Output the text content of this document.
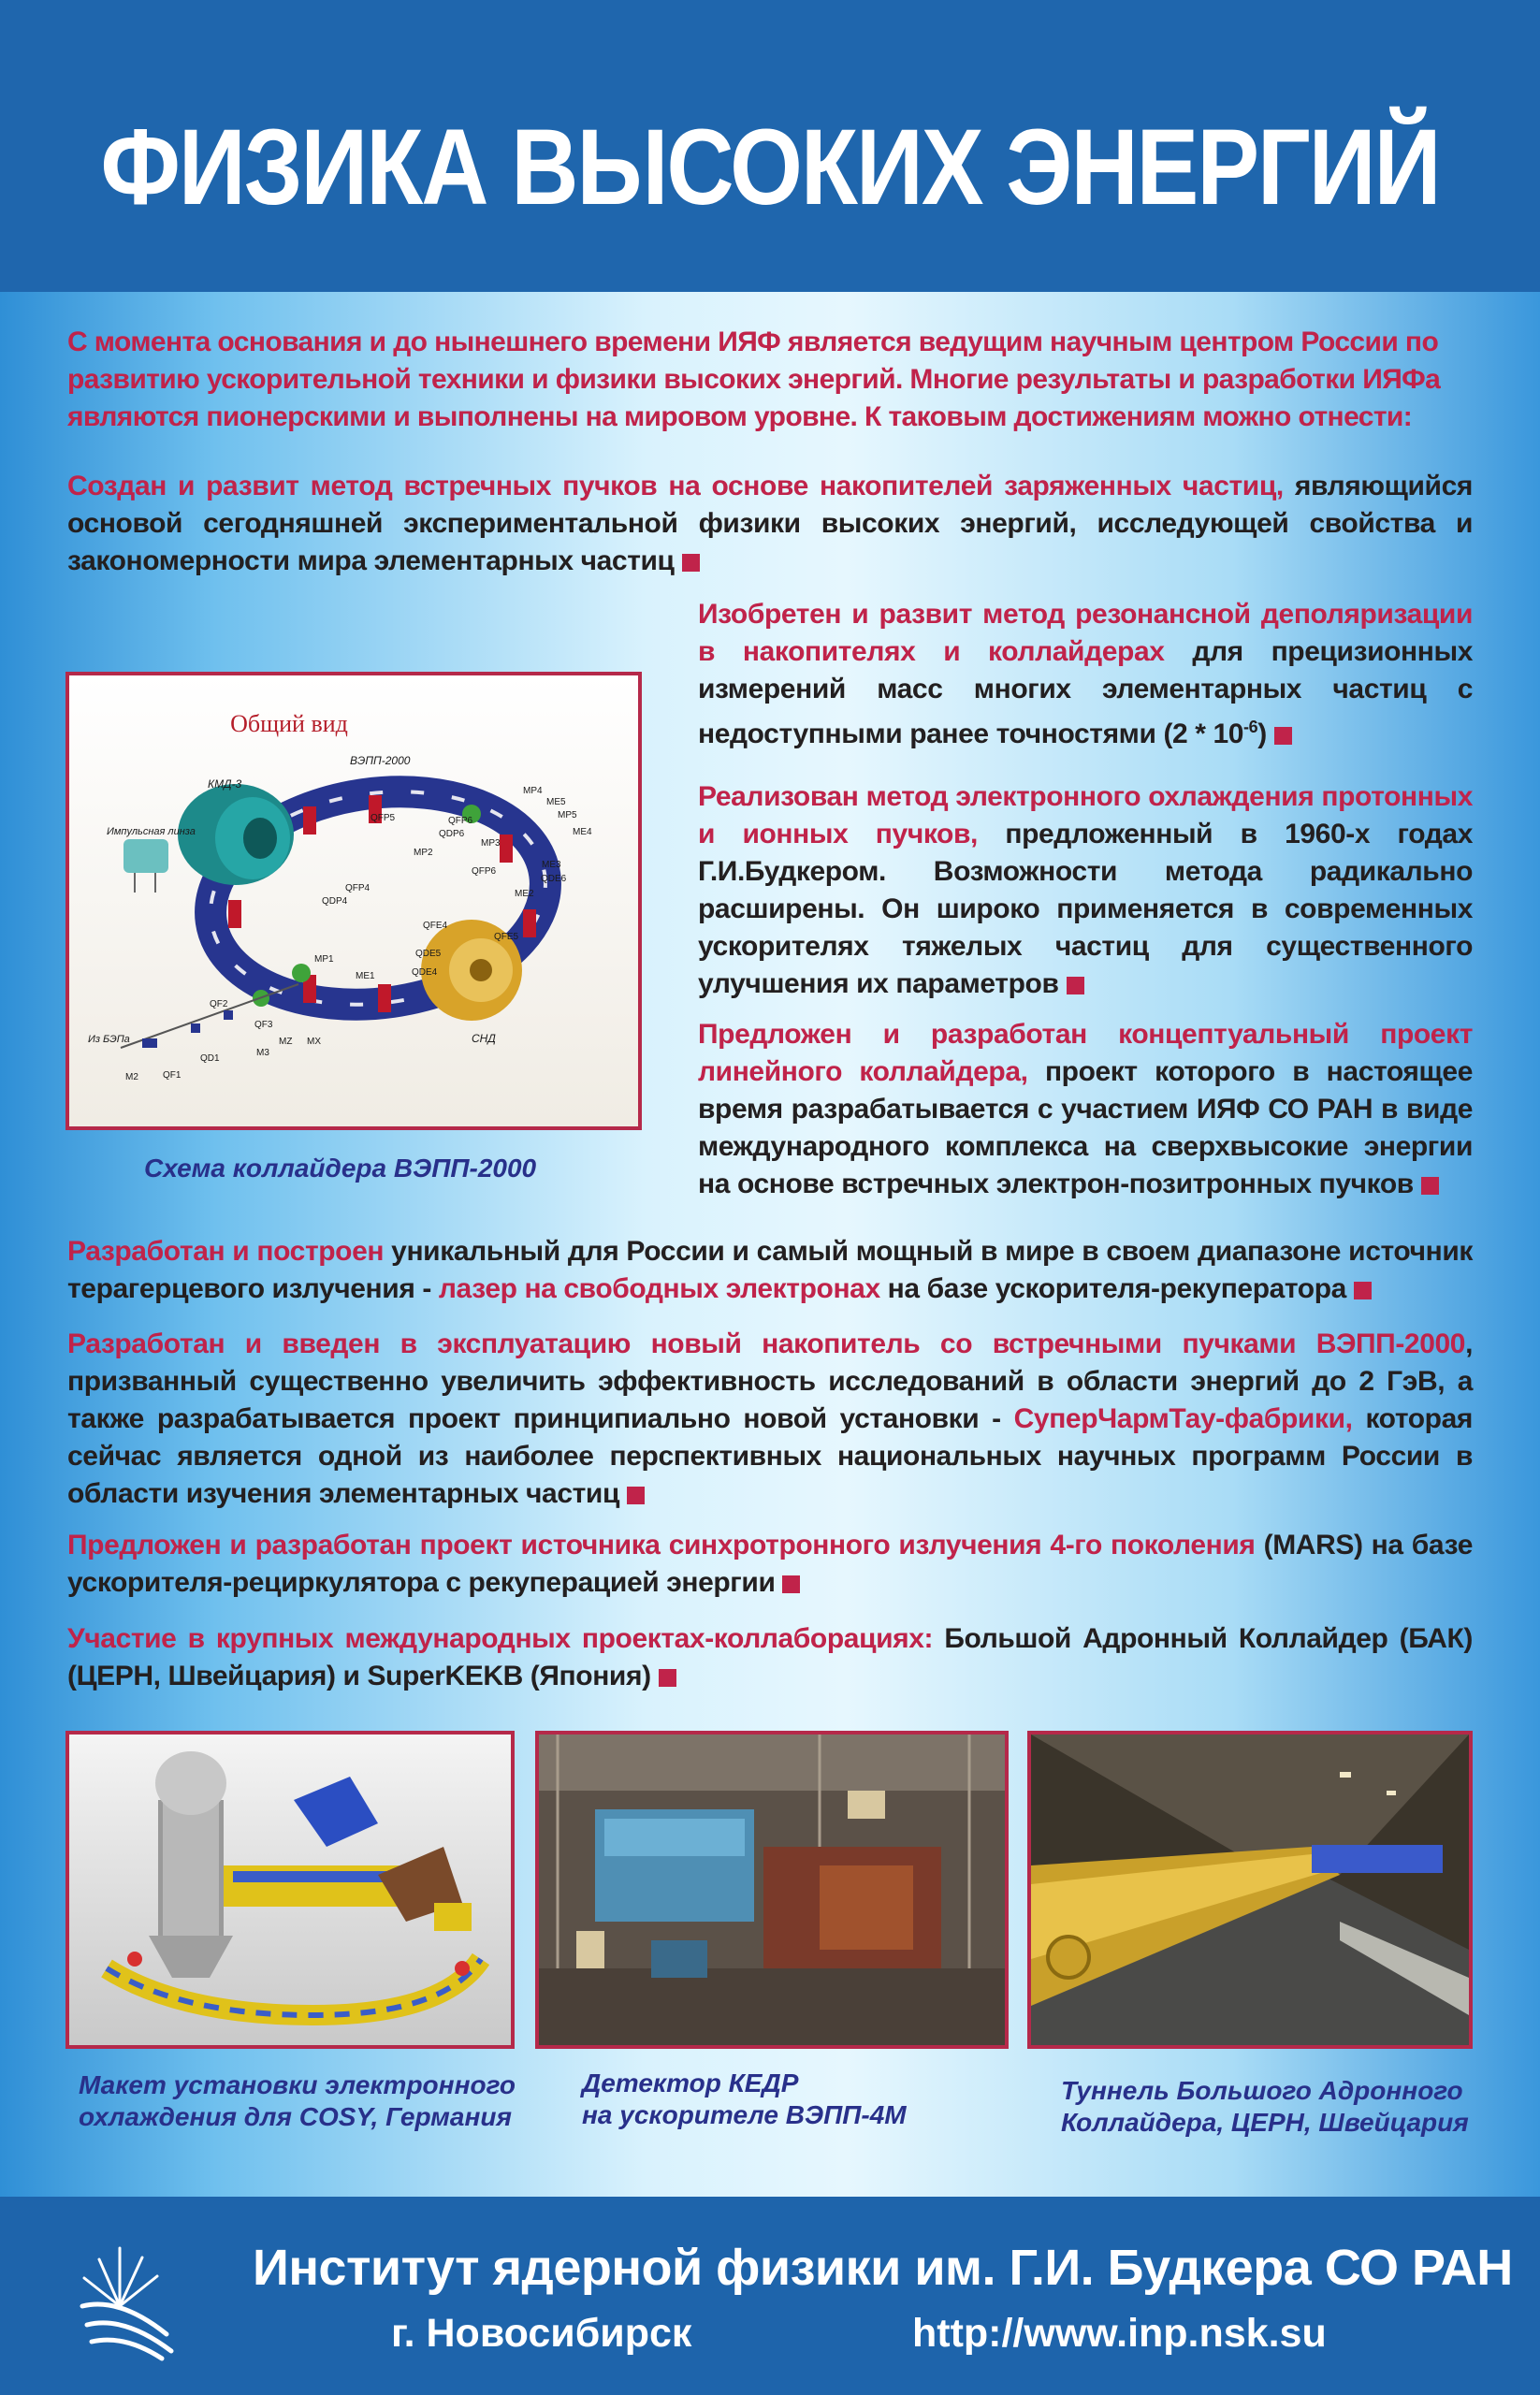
ФИЗИКА ВЫСОКИХ ЭНЕРГИЙ
С момента основания и до нынешнего времени ИЯФ является ведущим научным центром России по развитию ускорительной техники и физики высоких энергий. Многие результаты и разработки ИЯФа являются пионерскими и выполнены на мировом уровне. К таковым достижениям можно отнести:
Создан и развит метод встречных пучков на основе накопителей заряженных частиц, являющийся основой сегодняшней экспериментальной физики высоких энергий, исследующей свойства и закономерности мира элементарных частиц
Изобретен и развит метод резонансной деполяризации в накопителях и коллайдерах для прецизионных измерений масс многих элементарных частиц с недоступными ранее точностями $(2 * 10^{-6})$
Реализован метод электронного охлаждения протонных и ионных пучков, предложенный в 1960-х годах Г.И.Будкером. Возможности метода радикально расширены. Он широко применяется в современных ускорителях тяжелых частиц для существенного улучшения их параметров
Предложен и разработан концептуальный проект линейного коллайдера, проект которого в настоящее время разрабатывается с участием ИЯФ СО РАН в виде международного комплекса на сверхвысокие энергии на основе встречных электрон-позитронных пучков
Общий вид
КМД-3
ВЭПП-2000
Импульсная линза
СНД
Из БЭПа
MP4
ME5
MP5
ME4
MP3
ME3
QDE6
QFP5	QFP6
QDP6
MP2
QFP4
QDP4
QFE4
QFE5
ME2
QDE4
MP1
ME1
QF2
QF3
QD1
QF1
M2
M3
MZ MX
QFP6
QDE5
Схема коллайдера ВЭПП-2000
Разработан и построен уникальный для России и самый мощный в мире в своем диапазоне источник терагерцевого излучения - лазер на свободных электронах на базе ускорителя-рекуператора
Разработан и введен в эксплуатацию новый накопитель со встречными пучками ВЭПП-2000, призванный существенно увеличить эффективность исследований в области энергий до 2 ГэВ, а также разрабатывается проект принципиально новой установки - СуперЧармТау-фабрики, которая сейчас является одной из наиболее перспективных национальных научных программ России в области изучения элементарных частиц
Предложен и разработан проект источника синхротронного излучения 4-го поколения (MARS) на базе ускорителя-рециркулятора с рекуперацией энергии
Участие в крупных международных проектах-коллаборациях: Большой Адронный Коллайдер (БАК) (ЦЕРН, Швейцария) и SuperKEKB (Япония)
Макет установки электронного
охлаждения для COSY, Германия
Детектор КЕДР
на ускорителе ВЭПП-4М
Туннель Большого Адронного
Коллайдера, ЦЕРН, Швейцария
Институт ядерной физики им. Г.И. Будкера СО РАН
г. Новосибирск	http://www.inp.nsk.su
